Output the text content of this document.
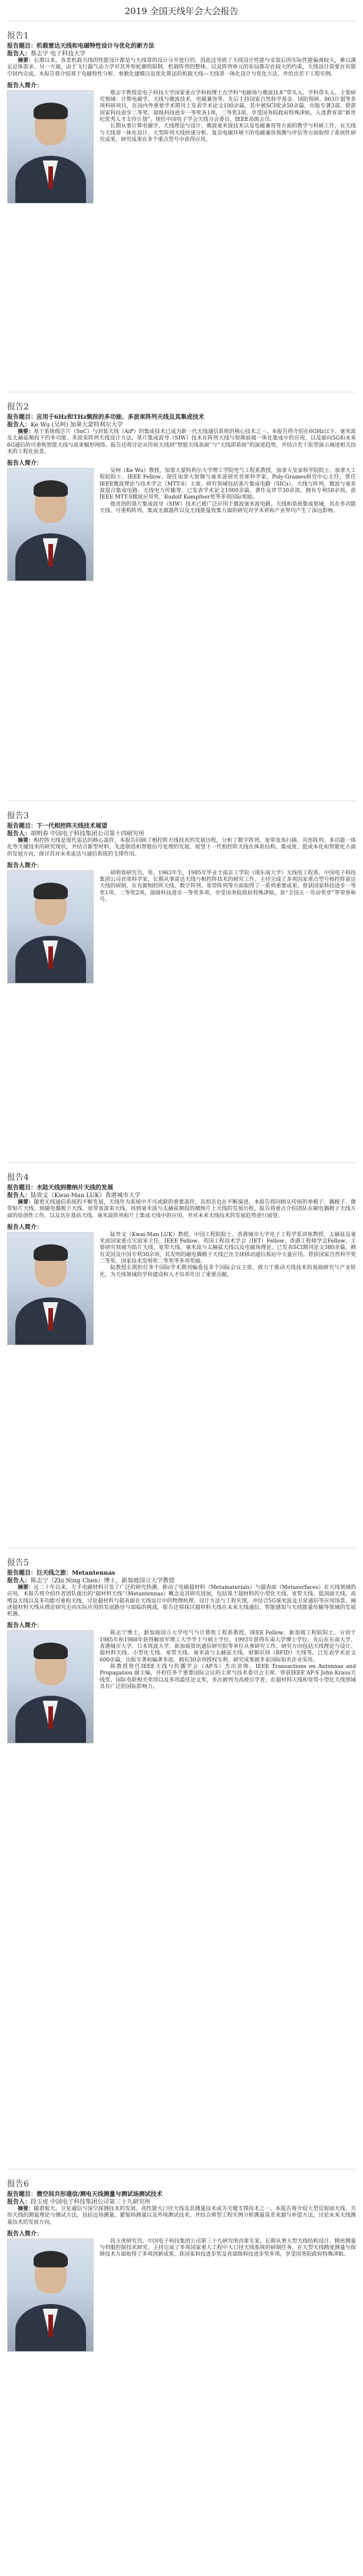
2019 全国天线年会大会报告
报告1
报告题目：机载雷达天线和电磁特性设计与优化的新方法
报告人：蔡志宇 电子科技大学

摘要：长期以来，各类机载天线的性能设计都是与天线罩的设计分开进行的。因此这导致了天线设计性能与安装后的实际性能偏离较大，难以满足总体需求。另一方面，由于飞行器气动力学对其外形轮廓的限制，机载阵列的整体、以及阵列单元的布局都存在较大的约束，天线设计需要在有限空间内完成。本报告将介绍基于电磁特性分析、参数化建模以及优化算法的机载天线—天线罩一体化设计与优化方法，并给出若干工程实例。

报告人简介：

蔡志宇教授是电子科技大学国家重点学科和博士点学科“电磁场与微波技术”带头人、学科带头人。主要研究领域：计算电磁学、天线与微波技术、电磁兼容等。先后主持国家自然科学基金、国防预研、863计划等多项科研项目，在国内外重要学术期刊上发表学术论文100余篇，其中被SCI收录50余篇，出版专著3部。曾获国家科技进步二等奖、部级科技进步一等奖各1项，二等奖3项。享受国务院政府特殊津贴，入选教育部“新世纪优秀人才支持计划”。现任中国电子学会天线分会委员、IEEE高级会员。

长期从事计算电磁学、天线理论与设计、微波毫米波技术以及电磁兼容等方面的教学与科研工作，在天线与天线罩一体化设计、大型阵列天线快速分析、复杂电磁环境下的电磁兼容预测与评估等方面取得了系统性研究成果，研究成果在多个重点型号中获得应用。

报告2
报告题目：应用于6Hz和THz频段的多功能、多波束阵列天线及其集成技术
报告人：Ke Wu (吴柯) 加拿大蒙特利尔大学

摘要：基于系统级芯片（SoC）与封装天线（AiP）的集成技术已成为新一代无线通信系统的核心技术之一。本报告将介绍在6GHz以下、毫米波及太赫兹频段下的多功能、多波束阵列天线设计方法，基片集成波导（SIW）技术在阵列天线与射频前端一体化集成中的应用，以及面向5G和未来6G通信的可重构智能天线与波束赋形网络。报告还将讨论从传统天线到“智能天线表面”与“天线即系统”的演进趋势，并结合若干原型演示阐述相关技术的工程化前景。

报告人简介：

吴柯（Ke Wu）教授，加拿大蒙特利尔大学理工学院电气工程系教授，加拿大皇家科学院院士、加拿大工程院院士、IEEE Fellow。现任加拿大射频与毫米波研究首席科学家，Poly-Grames研究中心主任，曾任IEEE微波理论与技术学会（MTT-S）主席。研究领域包括基片集成电路（SICs）、天线与阵列、微波与毫米波混合集成电路、无线电力传输等。已发表学术论文1000余篇，著作及章节30余部，拥有专利50余项，获IEEE MTT-S微波应用奖、Rudolf Kompfner奖等多项国际奖励。

他首创的基片集成波导（SIW）技术已被广泛应用于微波毫米波电路、天线和系统集成领域，其在多功能天线、可重构阵列、集成无源器件以及无线能量收集方面的研究对学术界和产业界均产生了深远影响。

报告3
报告题目：下一代相控阵天线技术展望
报告人：胡明春 中国电子科技集团公司第十四研究所

摘要：相控阵天线是现代雷达的核心部件。本报告回顾了相控阵天线技术的发展历程，分析了数字阵列、宽带宽角扫描、共形阵列、多功能一体化等关键技术的研究现状，并结合新型材料、先进制造和智能信号处理的发展，展望下一代相控阵天线在体系结构、集成度、低成本化和智能化方面的发展方向，探讨其对未来雷达与通信系统的支撑作用。

报告人简介：

胡明春研究员，男，1963年生，1985年毕业于南京工学院（现东南大学）无线电工程系，中国电子科技集团公司首席科学家，长期从事雷达天线与相控阵技术的研究工作。主持完成了多项国家重点型号相控阵雷达天线的研制，在有源相控阵天线、数字阵列、宽带阵列等方面取得了一系列重要成果。曾获国家科技进步一等奖1项、二等奖2项，部级科技进步一等奖多项，享受国务院政府特殊津贴，获“全国五一劳动奖章”等荣誉称号。

报告4
报告题目：水陆天线到微纳片天线的发展
报告人：陆贵文（Kwai-Man LUK）香港城市大学

摘要：随着无线通信系统的不断发展，天线作为系统中不可或缺的重要部件，其形态也在不断演进。本报告将回顾从传统的单极子、偶极子、微带贴片天线，到磁电偶极子天线、宽带宽波束天线，再到毫米波与太赫兹频段的微纳片上天线的发展历程。报告将重点介绍团队在磁电偶极子天线方面的原创性工作，以及其在基站天线、毫米波阵列和片上集成天线中的应用，并对未来天线技术的发展趋势进行展望。

报告人简介：

陆贵文（Kwai-Man LUK）教授，中国工程院院士、香港城市大学电子工程学系讲座教授、太赫兹及毫米波国家重点实验室主任，IEEE Fellow、英国工程技术学会（IET）Fellow、香港工程师学会Fellow。主要研究领域为贴片天线、宽带天线、毫米波与太赫兹天线以及电磁场理论。已发表SCI期刊论文380余篇，拥有美国及中国专利30余项，其发明的磁电偶极子天线已在全球移动通信基站中大量应用。曾获国家自然科学奖二等奖、国家技术发明奖二等奖等多项奖励。

陆教授长期担任多个国际学术期刊编委及多个国际会议主席，致力于推动天线技术的基础研究与产业转化，为天线领域的学科建设和人才培养作出了重要贡献。

报告5
报告题目：巨天线之旅：Metantennas
报告人：陈志宁（Zhi Ning Chen）博士，新加坡国立大学教授

摘要：近二十年以来，左手电磁材料引发了广泛的研究热潮，推动了电磁超材料（Metamaterials）与超表面（Metasurfaces）在天线领域的应用。本报告将介绍作者团队提出的“超材料天线”（Metantennas）概念及其研究进展，包括基于超材料的小型化天线、宽带天线、低剖面天线、高增益天线以及多功能可重构天线，讨论超材料与超表面在天线设计中的物理机理、设计方法与工程实现，并结合5G毫米波及卫星通信等应用场景，阐述超材料天线从理论研究走向实际应用的发展路径与面临的挑战。报告还将探讨超材料天线在未来无线通信、智能感知与无线能量传输等领域的发展机遇。

报告人简介：

陈志宁博士，新加坡国立大学电气与计算机工程系教授，IEEE Fellow、新加坡工程院院士。分别于1985年和1988年获得解放军理工大学学士与硕士学位，1993年获得东南大学博士学位，先后在东南大学、香港城市大学、日本筑波大学、新加坡资讯通信研究院等单位从事研究工作。研究方向包括天线理论与设计、超材料天线、小型化天线、宽带天线、毫米波与太赫兹天线、射频识别（RFID）天线等。已发表学术论文600余篇，出版专著和编著多部，拥有30余项授权专利，研究成果被多家国际知名企业采用。

陈教授曾任IEEE天线与传播学会（AP-S）杰出讲师、IEEE Transactions on Antennas and Propagation 副主编，并担任多个重要国际会议的主席与技术委员会主席。曾获IEEE AP-S John Kraus天线奖、国际电联相关奖项以及多项最佳论文奖，多次被列为高被引学者，在超材料天线和宽带小型化天线领域具有广泛的国际影响力。

报告6
报告题目：微空间共形通信/测电天线测量与测试场测试技术
报告人：段玉虎 中国电子科技集团公司第三十九研究所

摘要：随着航天、卫星通信与深空探测技术的发展，高性能大口径天线及其测量技术成为关键支撑技术之一。本报告将介绍大型反射面天线、共形天线的测量理论与测试方法，包括近场测量、紧缩场测量以及外场测试技术，并结合典型工程实例分析测量误差来源与补偿方法，讨论未来天线测量技术的发展方向。

报告人简介：

段玉虎研究员，中国电子科技集团公司第三十九研究所首席专家，长期从事大型天线结构设计、精密测量与伺服控制技术研究。主持完成了多项国家重大工程中大口径天线系统的研制任务，在大型天线精度测量与保障技术方面取得了多项创新成果，获国家科技进步奖及省部级科技进步奖多项，享受国务院政府特殊津贴。
